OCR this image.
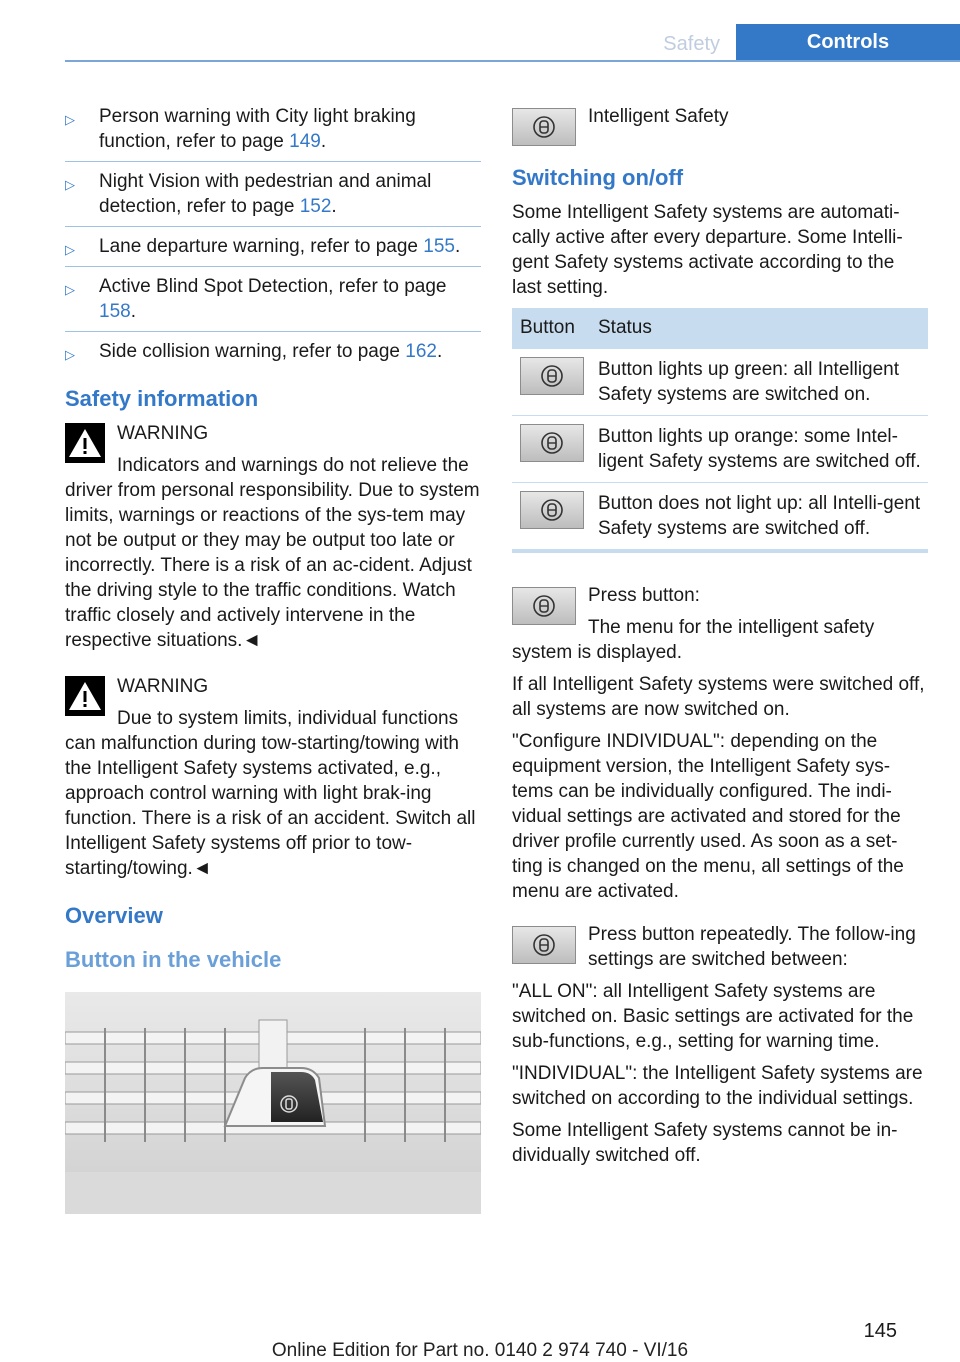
Safety	Controls
▷ Person warning with City light braking function, refer to page 149.
▷ Night Vision with pedestrian and animal detection, refer to page 152.
▷ Lane departure warning, refer to page 155.
▷ Active Blind Spot Detection, refer to page 158.
▷ Side collision warning, refer to page 162.
Safety information

WARNING

Indicators and warnings do not relieve the driver from personal responsibility. Due to system limits, warnings or reactions of the sys-tem may not be output or they may be output too late or incorrectly. There is a risk of an ac-cident. Adjust the driving style to the traffic conditions. Watch traffic closely and actively intervene in the respective situations.◄

WARNING

Due to system limits, individual functions can malfunction during tow-starting/towing with the Intelligent Safety systems activated, e.g., approach control warning with light brak-ing function. There is a risk of an accident. Switch all Intelligent Safety systems off prior to tow-starting/towing.◄

Overview
Button in the vehicle

Intelligent Safety

Switching on/off

Some Intelligent Safety systems are automati-cally active after every departure. Some Intelli-gent Safety systems activate according to the last setting.

Button	Status

	Button lights up green: all Intelligent Safety systems are switched on.

	Button lights up orange: some Intel-ligent Safety systems are switched off.

	Button does not light up: all Intelli-gent Safety systems are switched off.

Press button:

The menu for the intelligent safety system is displayed.

If all Intelligent Safety systems were switched off, all systems are now switched on.

"Configure INDIVIDUAL": depending on the equipment version, the Intelligent Safety sys-tems can be individually configured. The indi-vidual settings are activated and stored for the driver profile currently used. As soon as a set-ting is changed on the menu, all settings of the menu are activated.

Press button repeatedly. The follow-ing settings are switched between:

"ALL ON": all Intelligent Safety systems are switched on. Basic settings are activated for the sub-functions, e.g., setting for warning time.

"INDIVIDUAL": the Intelligent Safety systems are switched on according to the individual settings.

Some Intelligent Safety systems cannot be in-dividually switched off.

145
Online Edition for Part no. 0140 2 974 740 - VI/16
